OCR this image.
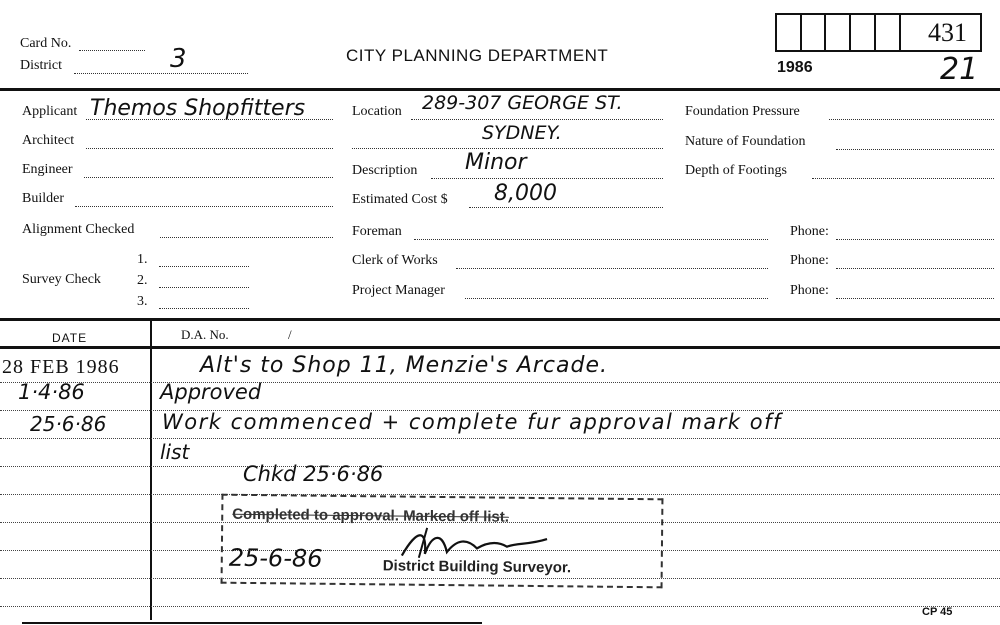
Card No.
District	3	CITY PLANNING DEPARTMENT
1986
431
21
Applicant Themos Shopfitters
Architect
Engineer
Builder
Alignment Checked
Survey Check
1.
2.
3.
Location 289-307 GEORGE ST.
SYDNEY.
Description Minor
Estimated Cost $ 8,000
Foreman	Phone:
Clerk of Works	Phone:
Project Manager	Phone:
Foundation Pressure
Nature of Foundation
Depth of Footings
DATE	D.A. No.	/
28 FEB 1986	Alt's to Shop 11, Menzie's Arcade.
1·4·86	Approved
25·6·86	Work commenced + complete fur approval mark off
list
Chkd 25·6·86
Completed to approval. Marked off list.
25-6-86	District Building Surveyor.
CP 45
